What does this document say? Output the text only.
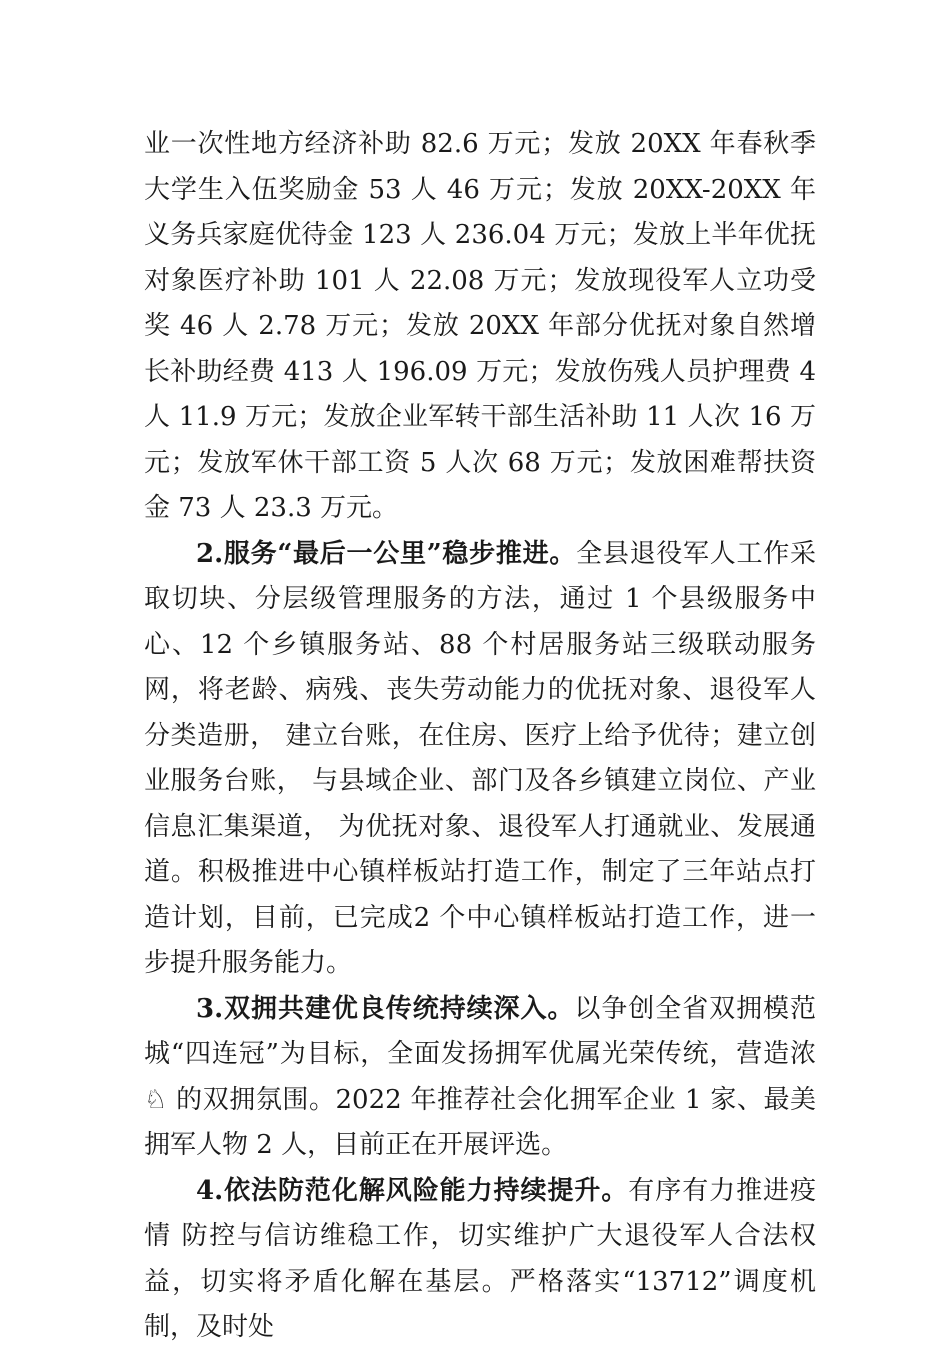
业一次性地方经济补助 82.6 万元；发放 20XX 年春秋季大学生入伍奖励金 53 人 46 万元；发放 20XX-20XX 年义务兵家庭优待金 123 人 236.04 万元；发放上半年优抚对象医疗补助 101 人 22.08 万元；发放现役军人立功受奖 46 人 2.78 万元；发放 20XX 年部分优抚对象自然增长补助经费 413 人 196.09 万元；发放伤残人员护理费 4 人 11.9 万元；发放企业军转干部生活补助 11 人次 16 万元；发放军休干部工资 5 人次 68 万元；发放困难帮扶资金 73 人 23.3 万元。

2.服务“最后一公里”稳步推进。全县退役军人工作采取切块、分层级管理服务的方法，通过 1 个县级服务中心、12 个乡镇服务站、88 个村居服务站三级联动服务网，将老龄、病残、丧失劳动能力的优抚对象、退役军人分类造册， 建立台账，在住房、医疗上给予优待；建立创业服务台账， 与县域企业、部门及各乡镇建立岗位、产业信息汇集渠道， 为优抚对象、退役军人打通就业、发展通道。积极推进中心镇样板站打造工作，制定了三年站点打造计划，目前，已完成2 个中心镇样板站打造工作，进一步提升服务能力。

3.双拥共建优良传统持续深入。以争创全省双拥模范城“四连冠”为目标，全面发扬拥军优属光荣传统，营造浓♘ 的双拥氛围。2022 年推荐社会化拥军企业 1 家、最美拥军人物 2 人，目前正在开展评选。

4.依法防范化解风险能力持续提升。有序有力推进疫情 防控与信访维稳工作，切实维护广大退役军人合法权益，切实将矛盾化解在基层。严格落实“13712”调度机制，及时处
